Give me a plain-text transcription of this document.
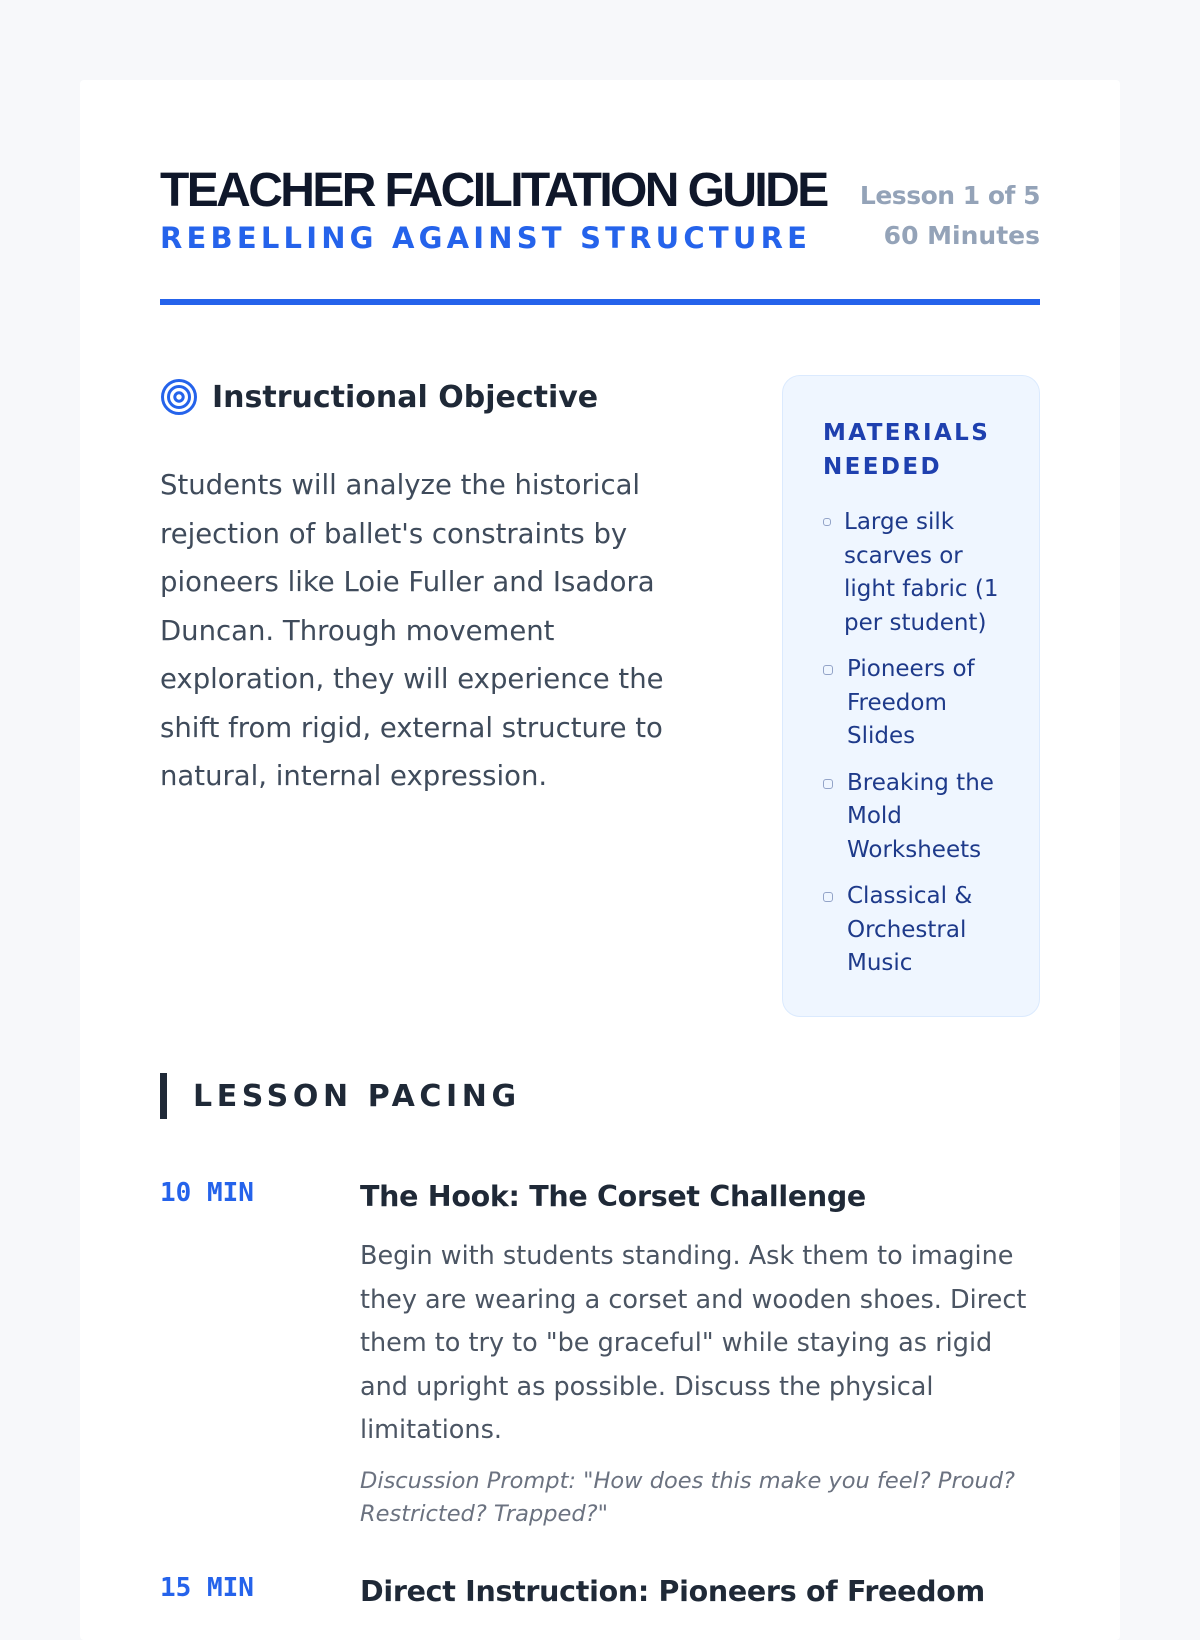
TEACHER FACILITATION GUIDE
REBELLING AGAINST STRUCTURE
Lesson 1 of 5
60 Minutes
Instructional Objective
Students will analyze the historical rejection of ballet's constraints by pioneers like Loie Fuller and Isadora Duncan. Through movement exploration, they will experience the shift from rigid, external structure to natural, internal expression.
MATERIALS NEEDED
Large silk scarves or light fabric (1 per student)
Pioneers of Freedom Slides
Breaking the Mold Worksheets
Classical & Orchestral Music
LESSON PACING
10 MIN	The Hook: The Corset Challenge
Begin with students standing. Ask them to imagine they are wearing a corset and wooden shoes. Direct them to try to "be graceful" while staying as rigid and upright as possible. Discuss the physical limitations.
Discussion Prompt: "How does this make you feel? Proud? Restricted? Trapped?"
15 MIN	Direct Instruction: Pioneers of Freedom
